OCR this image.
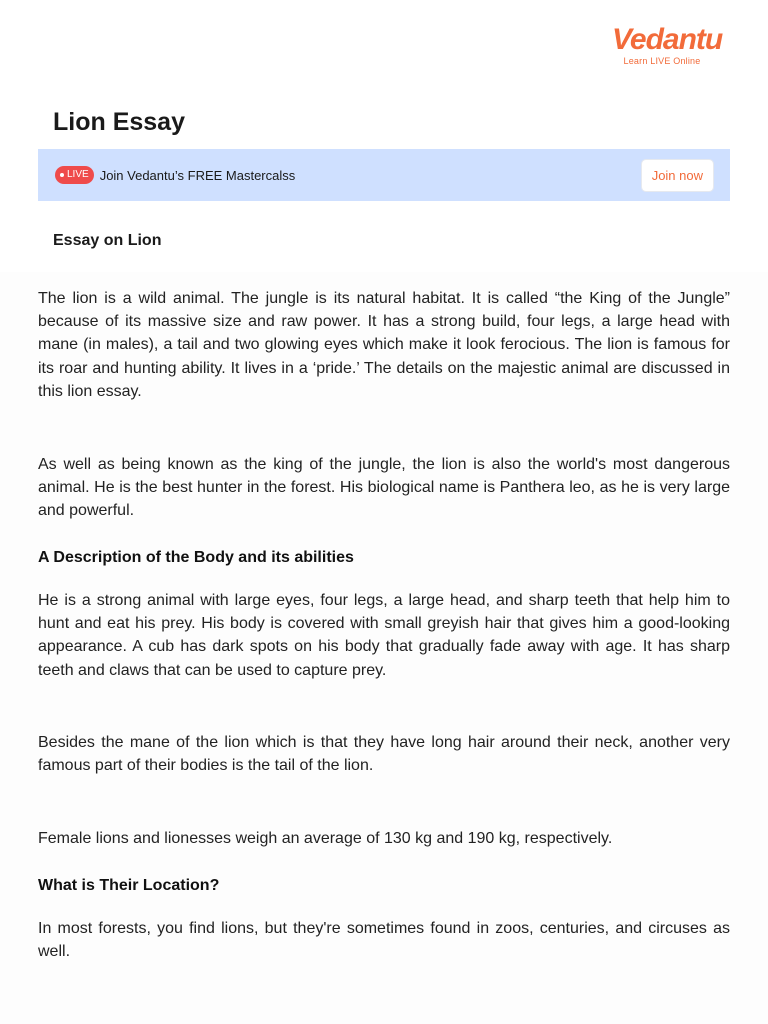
Vedantu
Learn LIVE Online
Lion Essay
LIVE Join Vedantu’s FREE Mastercalss	Join now
Essay on Lion

The lion is a wild animal. The jungle is its natural habitat. It is called “the King of the Jungle” because of its massive size and raw power. It has a strong build, four legs, a large head with mane (in males), a tail and two glowing eyes which make it look ferocious. The lion is famous for its roar and hunting ability. It lives in a ‘pride.’ The details on the majestic animal are discussed in this lion essay.

As well as being known as the king of the jungle, the lion is also the world's most dangerous animal. He is the best hunter in the forest. His biological name is Panthera leo, as he is very large and powerful.

A Description of the Body and its abilities

He is a strong animal with large eyes, four legs, a large head, and sharp teeth that help him to hunt and eat his prey. His body is covered with small greyish hair that gives him a good-looking appearance. A cub has dark spots on his body that gradually fade away with age. It has sharp teeth and claws that can be used to capture prey.

Besides the mane of the lion which is that they have long hair around their neck, another very famous part of their bodies is the tail of the lion.

Female lions and lionesses weigh an average of 130 kg and 190 kg, respectively.

What is Their Location?

In most forests, you find lions, but they're sometimes found in zoos, centuries, and circuses as well.
